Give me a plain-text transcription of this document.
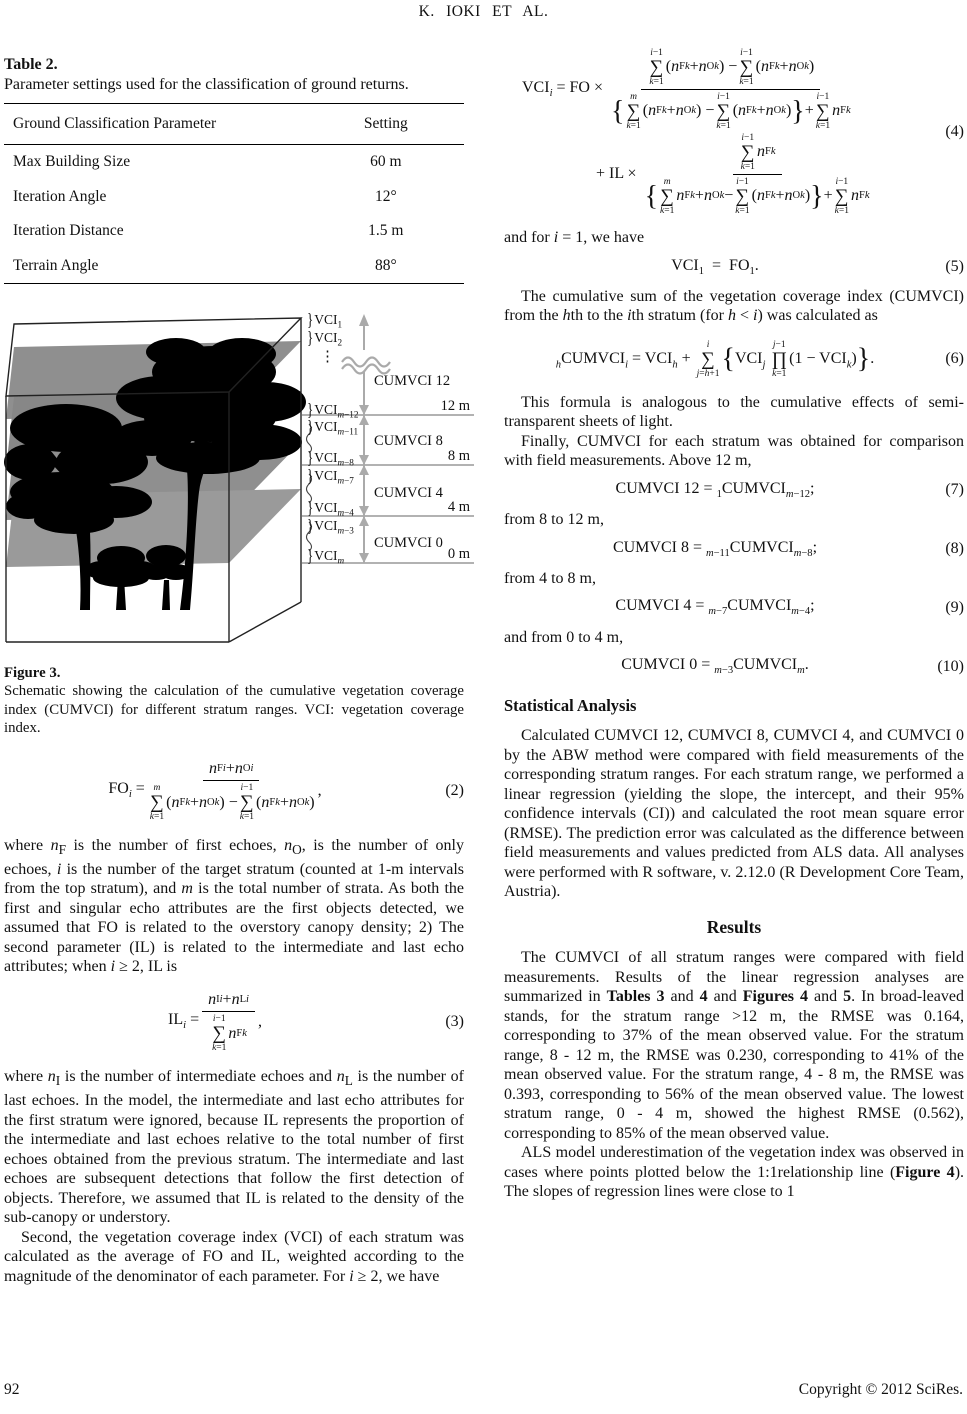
K. IOKI ET AL.

Table 2.

Parameter settings used for the classification of ground returns.

Ground Classification Parameter	Setting
Max Building Size	60 m
Iteration Angle	12°
Iteration Distance	1.5 m
Terrain Angle	88°
}$VCI_1$
}$VCI_2$
⋮
}$VCI_{m-12}$
}$VCI_{m-11}$
}$VCI_{m-8}$
}$VCI_{m-7}$
}$VCI_{m-4}$
}$VCI_{m-3}$
}$VCI_m$
CUMVCI 12
12 m
CUMVCI 8
8 m
CUMVCI 4
4 m
CUMVCI 0
0 m
Figure 3.
Schematic showing the calculation of the cumulative vegetation coverage index (CUMVCI) for different stratum ranges. VCI: vegetation coverage index.
$FO_i = n$ Fi + n Oi
m
∑
k=1
( n Fk + n Ok ) −
i−1
∑
k=1
( n Fk + n Ok ) ,	(2)

where $n_F$ is the number of first echoes, $n_O$, is the number of only echoes, i is the number of the target stratum (counted at 1-m intervals from the top stratum), and m is the total number of strata. As both the first and singular echo attributes are the first objects detected, we assumed that FO is related to the overstory canopy density; 2) The second parameter (IL) is related to the intermediate and last echo attributes; when i ≥ 2, IL is

$IL_i = n$ Ii + n Li
i−1
∑
k=1
n Fk ,	(3)

where $n_I$ is the number of intermediate echoes and $n_L$ is the number of last echoes. In the model, the intermediate and last echo attributes for the first stratum were ignored, because IL represents the proportion of the intermediate and last echoes relative to the total number of first echoes obtained from the previous stratum. The intermediate and last echoes are subsequent detections that follow the first detection of objects. Therefore, we assumed that IL is related to the density of the sub-canopy or understory.

Second, the vegetation coverage index (VCI) of each stratum was calculated as the average of FO and IL, weighted according to the magnitude of the denominator of each parameter. For i ≥ 2, we have

$VCI_i$ = FO × i−1
∑
k=1
( n Fk + n Ok ) −
i−1
∑
k=1
( n Fk + n Ok )
{ m
∑
k=1
( n Fk + n Ok ) −
i−1
∑
k=1
( n Fk + n Ok ) } +
i−1
∑
k=1
n Fk
+ IL × i−1
∑
k=1
n Fk
{ m
∑
k=1
n Fk + n Ok −
i−1
∑
k=1
( n Fk + n Ok ) } +
i−1
∑
k=1
n Fk
(4)

and for i = 1, we have

$VCI_1 = FO_1$.	(5)

The cumulative sum of the vegetation coverage index (CUMVCI) from the hth to the ith stratum (for h < i) was calculated as

$_hCUMVCI_i = VCI_h$ +
i
∑
j=h+1 {$VCI_j$
j−1
∏
k=1
$(1 - VCI_k)$}.	(6)

This formula is analogous to the cumulative effects of semi-transparent sheets of light.

Finally, CUMVCI for each stratum was obtained for comparison with field measurements. Above 12 m,

CUMVCI $12 = _1CUMVCI_{m-12}$;	(7)

from 8 to 12 m,

CUMVCI $8 = _{m-11}CUMVCI_{m-8}$;	(8)

from 4 to 8 m,

CUMVCI $4 = _{m-7}CUMVCI_{m-4}$;	(9)

and from 0 to 4 m,

CUMVCI $0 = _{m-3}CUMVCI_m$.	(10)
Statistical Analysis

Calculated CUMVCI 12, CUMVCI 8, CUMVCI 4, and CUMVCI 0 by the ABW method were compared with field measurements of the corresponding stratum ranges. For each stratum range, we performed a linear regression (yielding the slope, the intercept, and their 95% confidence intervals (CI)) and calculated the root mean square error (RMSE). The prediction error was calculated as the difference between field measurements and values predicted from ALS data. All analyses were performed with R software, v. 2.12.0 (R Development Core Team, Austria).

Results

The CUMVCI of all stratum ranges were compared with field measurements. Results of the linear regression analyses are summarized in Tables 3 and 4 and Figures 4 and 5. In broad-leaved stands, for the stratum range >12 m, the RMSE was 0.164, corresponding to 37% of the mean observed value. For the stratum range, 8 - 12 m, the RMSE was 0.230, corresponding to 41% of the mean observed value. For the stratum range, 4 - 8 m, the RMSE was 0.393, corresponding to 56% of the mean observed value. The lowest stratum range, 0 - 4 m, showed the highest RMSE (0.562), corresponding to 85% of the mean observed value.

ALS model underestimation of the vegetation index was observed in cases where points plotted below the 1:1relationship line (Figure 4). The slopes of regression lines were close to 1

92	Copyright © 2012 SciRes.
